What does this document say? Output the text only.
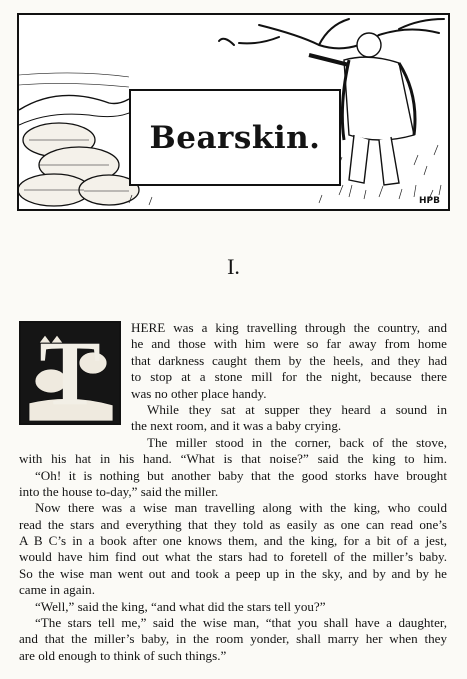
Bearskin.
HPB
I.
T	HERE was a king travelling through the country, and
he and those with him were so far away from home
that darkness caught them by the heels, and they had
to stop at a stone mill for the night, because there
was no other place handy.
While they sat at supper they heard a sound in
the next room, and it was a baby crying.
The miller stood in the corner, back of the stove,
with his hat in his hand. “What is that noise?” said the king to him.
“Oh! it is nothing but another baby that the good storks have brought
into the house to-day,” said the miller.
Now there was a wise man travelling along with the king, who could
read the stars and everything that they told as easily as one can read one’s
A B C’s in a book after one knows them, and the king, for a bit of a jest,
would have him find out what the stars had to foretell of the miller’s baby.
So the wise man went out and took a peep up in the sky, and by and by he
came in again.
“Well,” said the king, “and what did the stars tell you?”
“The stars tell me,” said the wise man, “that you shall have a daughter,
and that the miller’s baby, in the room yonder, shall marry her when they
are old enough to think of such things.”
